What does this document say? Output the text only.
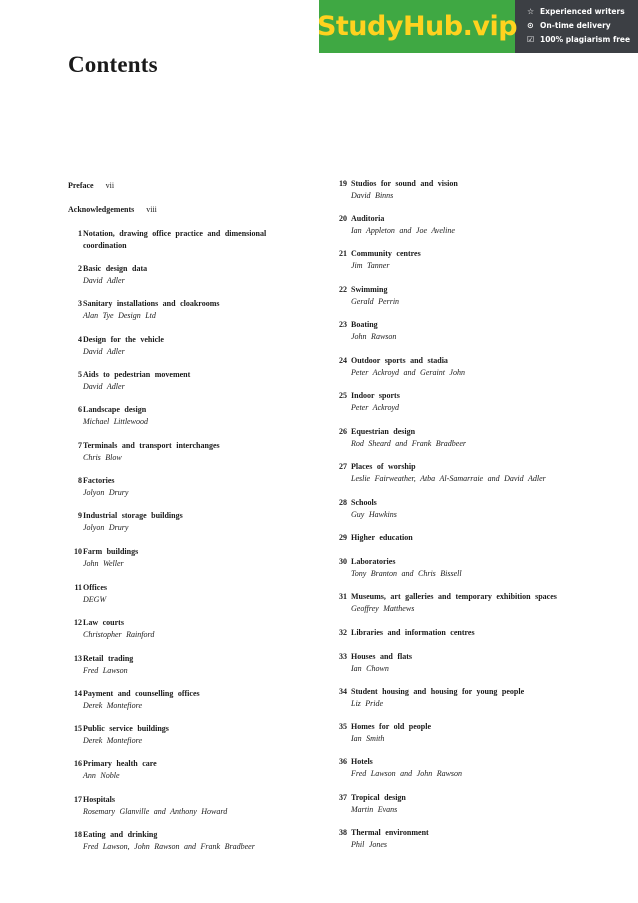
StudyHub.vip ☆ Experienced writers
⊙ On-time delivery
☑ 100% plagiarism free
Contents
Preface vii
Acknowledgements viii
1 Notation, drawing office practice and dimensional
coordination
2 Basic design data
David Adler
3 Sanitary installations and cloakrooms
Alan Tye Design Ltd
4 Design for the vehicle
David Adler
5 Aids to pedestrian movement
David Adler
6 Landscape design
Michael Littlewood
7 Terminals and transport interchanges
Chris Blow
8 Factories
Jolyon Drury
9 Industrial storage buildings
Jolyon Drury
10 Farm buildings
John Weller
11 Offices
DEGW
12 Law courts
Christopher Rainford
13 Retail trading
Fred Lawson
14 Payment and counselling offices
Derek Montefiore
15 Public service buildings
Derek Montefiore
16 Primary health care
Ann Noble
17 Hospitals
Rosemary Glanville and Anthony Howard
18 Eating and drinking
Fred Lawson, John Rawson and Frank Bradbeer
19 Studios for sound and vision
David Binns
20 Auditoria
Ian Appleton and Joe Aveline
21 Community centres
Jim Tanner
22 Swimming
Gerald Perrin
23 Boating
John Rawson
24 Outdoor sports and stadia
Peter Ackroyd and Geraint John
25 Indoor sports
Peter Ackroyd
26 Equestrian design
Rod Sheard and Frank Bradbeer
27 Places of worship
Leslie Fairweather, Atba Al-Samarraie and David Adler
28 Schools
Guy Hawkins
29 Higher education
30 Laboratories
Tony Branton and Chris Bissell
31 Museums, art galleries and temporary exhibition spaces
Geoffrey Matthews
32 Libraries and information centres
33 Houses and flats
Ian Chown
34 Student housing and housing for young people
Liz Pride
35 Homes for old people
Ian Smith
36 Hotels
Fred Lawson and John Rawson
37 Tropical design
Martin Evans
38 Thermal environment
Phil Jones
